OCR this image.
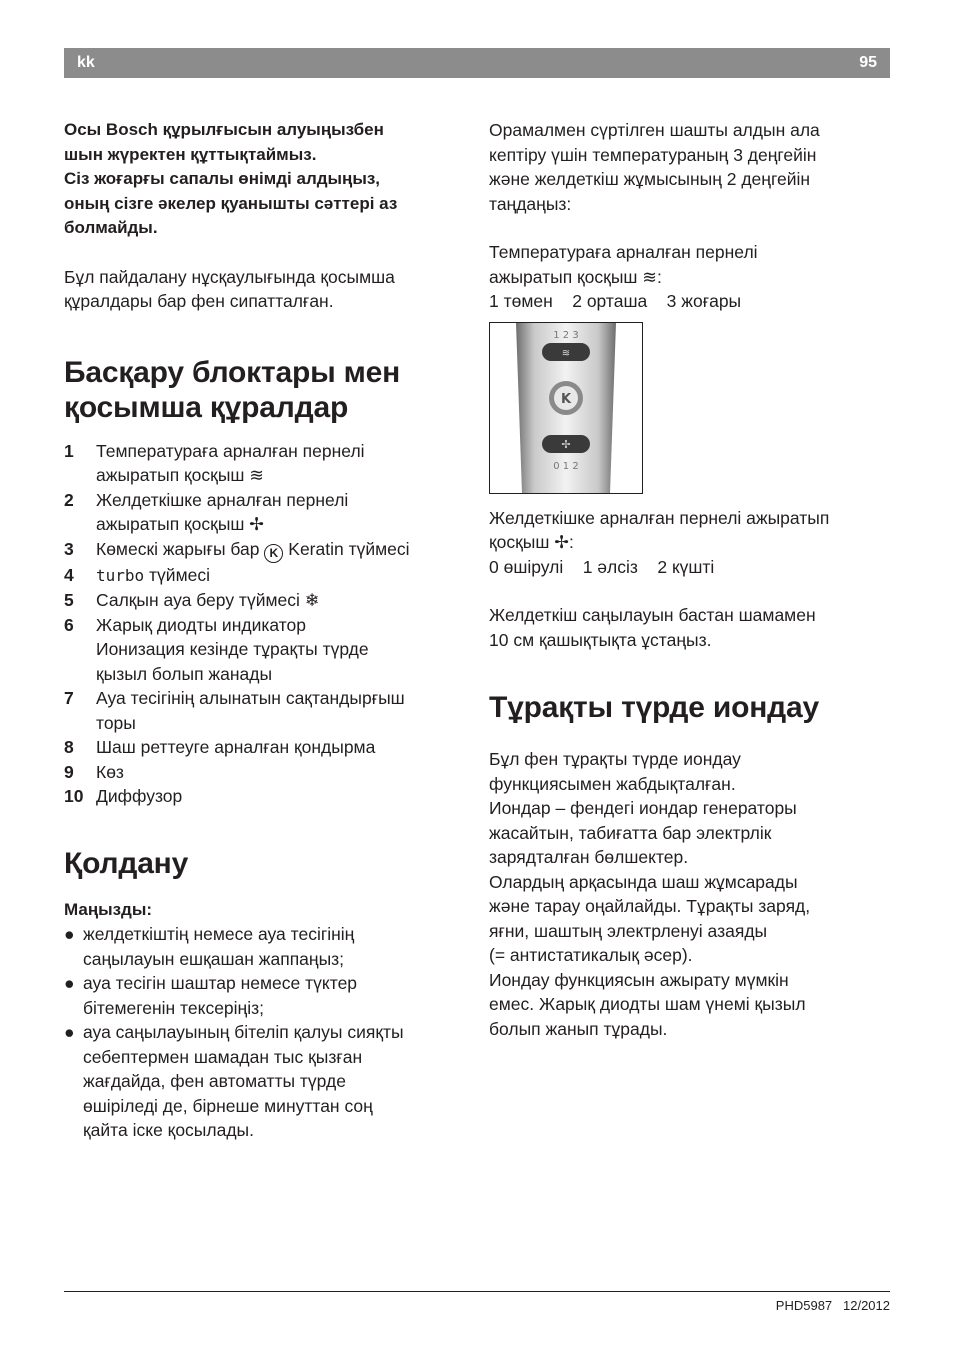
kk	95

Осы Bosch құрылғысын алуыңызбен

шын жүректен құттықтаймыз.

Сіз жоғарғы сапалы өнімді алдыңыз,

оның сізге әкелер қуанышты сәттері аз

болмайды.

Бұл пайдалану нұсқаулығында қосымша

құралдары бар фен сипатталған.

Басқару блоктары мен
қосымша құралдар
1 Температураға арналған пернелі
ажыратып қосқыш ≋
2 Желдеткішке арналған пернелі
ажыратып қосқыш ✢
3 Көмескі жарығы бар K Keratin түймесі
4 turbo түймесі
5 Салқын ауа беру түймесі ❄
6 Жарық диодты индикатор
Ионизация кезінде тұрақты түрде
қызыл болып жанады
7 Ауа тесігінің алынатын сақтандырғыш
торы
8 Шаш реттеуге арналған қондырма
9 Көз
10 Диффузор
Қолдану

Маңызды:

● желдеткіштің немесе ауа тесігінің
саңылауын ешқашан жаппаңыз;
● ауа тесігін шаштар немесе түктер
бітемегенін тексеріңіз;
● ауа саңылауының бітеліп қалуы сияқты
себептермен шамадан тыс қызған
жағдайда, фен автоматты түрде
өшіріледі де, бірнеше минуттан соң
қайта іске қосылады.

Орамалмен сүртілген шашты алдын ала

кептіру үшін температураның 3 деңгейін

және желдеткіш жұмысының 2 деңгейін

таңдаңыз:

Температураға арналған пернелі

ажыратып қосқыш ≋:

1 төмен    2 орташа    3 жоғары

1 2 3
≋
K
✢
0 1 2

Желдеткішке арналған пернелі ажыратып

қосқыш ✢:

0 өшірулі    1 әлсіз    2 күшті

Желдеткіш саңылауын бастан шамамен

10 см қашықтықта ұстаңыз.

Тұрақты түрде иондау

Бұл фен тұрақты түрде иондау

функциясымен жабдықталған.

Иондар – фендегі иондар генераторы

жасайтын, табиғатта бар электрлік

зарядталған бөлшектер.

Олардың арқасында шаш жұмсарады

және тарау оңайлайды. Тұрақты заряд,

яғни, шаштың электрленуі азаяды

(= антистатикалық әсер).

Иондау функциясын ажырату мүмкін

емес. Жарық диодты шам үнемі қызыл

болып жанып тұрады.

PHD5987 12/2012
